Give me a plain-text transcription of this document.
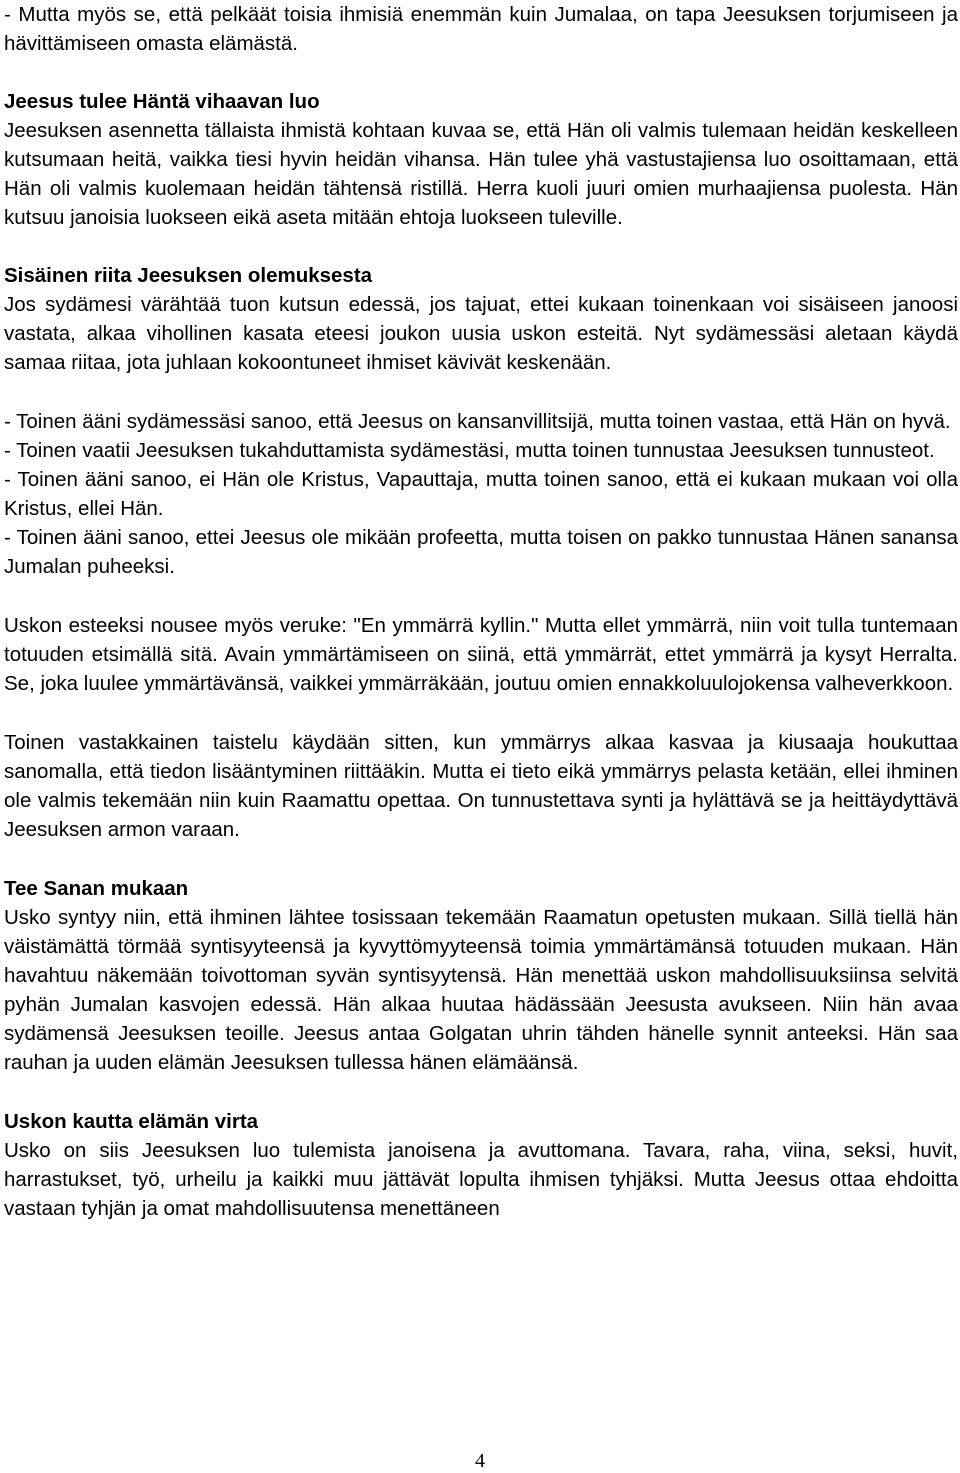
- Mutta myös se, että pelkäät toisia ihmisiä enemmän kuin Jumalaa, on tapa Jeesuksen torjumiseen ja hävittämiseen omasta elämästä.

Jeesus tulee Häntä vihaavan luo

Jeesuksen asennetta tällaista ihmistä kohtaan kuvaa se, että Hän oli valmis tulemaan heidän keskelleen kutsumaan heitä, vaikka tiesi hyvin heidän vihansa. Hän tulee yhä vastustajiensa luo osoittamaan, että Hän oli valmis kuolemaan heidän tähtensä ristillä. Herra kuoli juuri omien murhaajiensa puolesta. Hän kutsuu janoisia luokseen eikä aseta mitään ehtoja luokseen tuleville.

Sisäinen riita Jeesuksen olemuksesta

Jos sydämesi värähtää tuon kutsun edessä, jos tajuat, ettei kukaan toinenkaan voi sisäiseen janoosi vastata, alkaa vihollinen kasata eteesi joukon uusia uskon esteitä. Nyt sydämessäsi aletaan käydä samaa riitaa, jota juhlaan kokoontuneet ihmiset kävivät keskenään.

- Toinen ääni sydämessäsi sanoo, että Jeesus on kansanvillitsijä, mutta toinen vastaa, että Hän on hyvä.

- Toinen vaatii Jeesuksen tukahduttamista sydämestäsi, mutta toinen tunnustaa Jeesuksen tunnusteot.

- Toinen ääni sanoo, ei Hän ole Kristus, Vapauttaja, mutta toinen sanoo, että ei kukaan mukaan voi olla Kristus, ellei Hän.

- Toinen ääni sanoo, ettei Jeesus ole mikään profeetta, mutta toisen on pakko tunnustaa Hänen sanansa Jumalan puheeksi.

Uskon esteeksi nousee myös veruke: "En ymmärrä kyllin." Mutta ellet ymmärrä, niin voit tulla tuntemaan totuuden etsimällä sitä. Avain ymmärtämiseen on siinä, että ymmärrät, ettet ymmärrä ja kysyt Herralta. Se, joka luulee ymmärtävänsä, vaikkei ymmärräkään, joutuu omien ennakkoluulojokensa valheverkkoon.

Toinen vastakkainen taistelu käydään sitten, kun ymmärrys alkaa kasvaa ja kiusaaja houkuttaa sanomalla, että tiedon lisääntyminen riittääkin. Mutta ei tieto eikä ymmärrys pelasta ketään, ellei ihminen ole valmis tekemään niin kuin Raamattu opettaa. On tunnustettava synti ja hylättävä se ja heittäydyttävä Jeesuksen armon varaan.

Tee Sanan mukaan

Usko syntyy niin, että ihminen lähtee tosissaan tekemään Raamatun opetusten mukaan. Sillä tiellä hän väistämättä törmää syntisyyteensä ja kyvyttömyyteensä toimia ymmärtämänsä totuuden mukaan. Hän havahtuu näkemään toivottoman syvän syntisyytensä. Hän menettää uskon mahdollisuuksiinsa selvitä pyhän Jumalan kasvojen edessä. Hän alkaa huutaa hädässään Jeesusta avukseen. Niin hän avaa sydämensä Jeesuksen teoille. Jeesus antaa Golgatan uhrin tähden hänelle synnit anteeksi. Hän saa rauhan ja uuden elämän Jeesuksen tullessa hänen elämäänsä.

Uskon kautta elämän virta

Usko on siis Jeesuksen luo tulemista janoisena ja avuttomana. Tavara, raha, viina, seksi, huvit, harrastukset, työ, urheilu ja kaikki muu jättävät lopulta ihmisen tyhjäksi. Mutta Jeesus ottaa ehdoitta vastaan tyhjän ja omat mahdollisuutensa menettäneen

4
